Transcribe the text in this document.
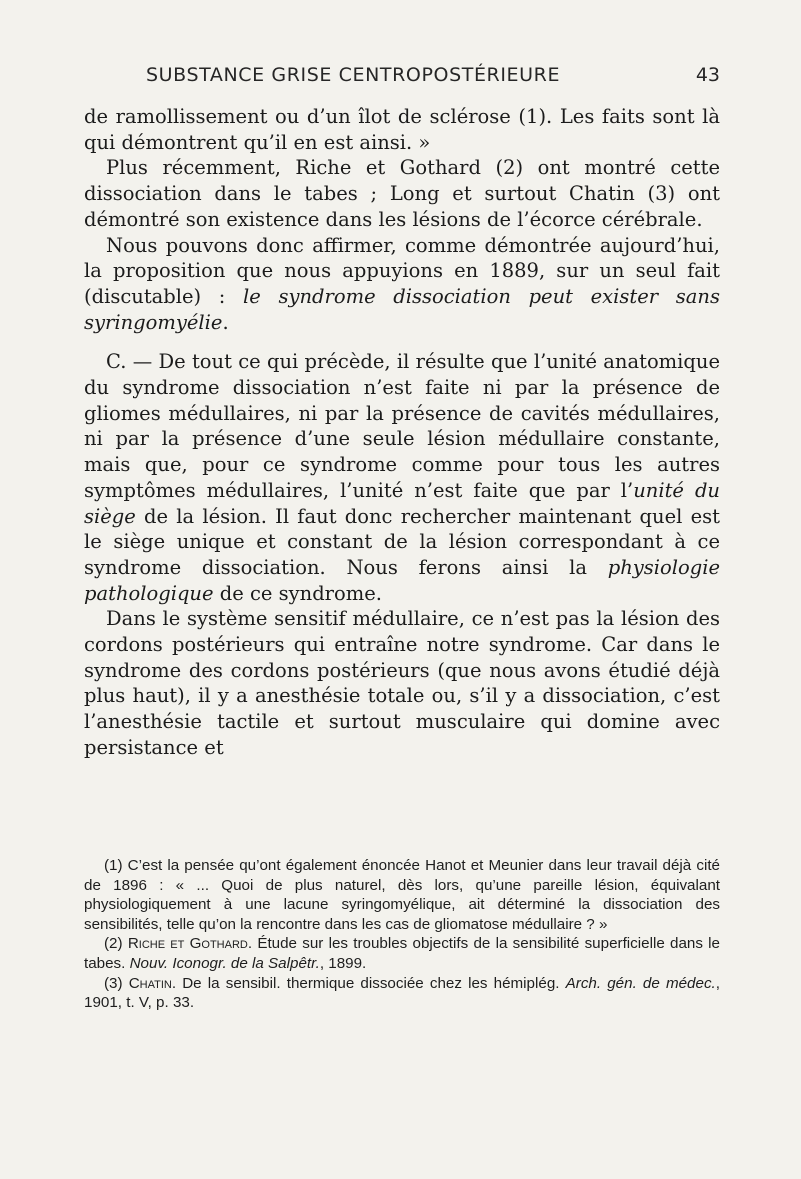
SUBSTANCE GRISE CENTROPOSTÉRIEURE	43

de ramollissement ou d’un îlot de sclérose (1). Les faits sont là qui démontrent qu’il en est ainsi. »

Plus récemment, Riche et Gothard (2) ont montré cette dissociation dans le tabes ; Long et surtout Chatin (3) ont démontré son existence dans les lésions de l’écorce cérébrale.

Nous pouvons donc affirmer, comme démontrée aujourd’hui, la proposition que nous appuyions en 1889, sur un seul fait (discutable) : le syndrome dissociation peut exister sans syringomyélie.

C. — De tout ce qui précède, il résulte que l’unité anatomique du syndrome dissociation n’est faite ni par la présence de gliomes médullaires, ni par la présence de cavités médullaires, ni par la présence d’une seule lésion médullaire constante, mais que, pour ce syndrome comme pour tous les autres symptômes médullaires, l’unité n’est faite que par l’unité du siège de la lésion. Il faut donc rechercher maintenant quel est le siège unique et constant de la lésion correspondant à ce syndrome dissociation. Nous ferons ainsi la physiologie pathologique de ce syndrome.

Dans le système sensitif médullaire, ce n’est pas la lésion des cordons postérieurs qui entraîne notre syndrome. Car dans le syndrome des cordons postérieurs (que nous avons étudié déjà plus haut), il y a anesthésie totale ou, s’il y a dissociation, c’est l’anesthésie tactile et surtout musculaire qui domine avec persistance et

(1) C’est la pensée qu’ont également énoncée Hanot et Meunier dans leur travail déjà cité de 1896 : « ... Quoi de plus naturel, dès lors, qu’une pareille lésion, équivalant physiologiquement à une lacune syringomyélique, ait déterminé la dissociation des sensibilités, telle qu’on la rencontre dans les cas de gliomatose médullaire ? »

(2) Riche et Gothard. Étude sur les troubles objectifs de la sensibilité superficielle dans le tabes. Nouv. Iconogr. de la Salpêtr., 1899.

(3) Chatin. De la sensibil. thermique dissociée chez les hémiplég. Arch. gén. de médec., 1901, t. V, p. 33.
